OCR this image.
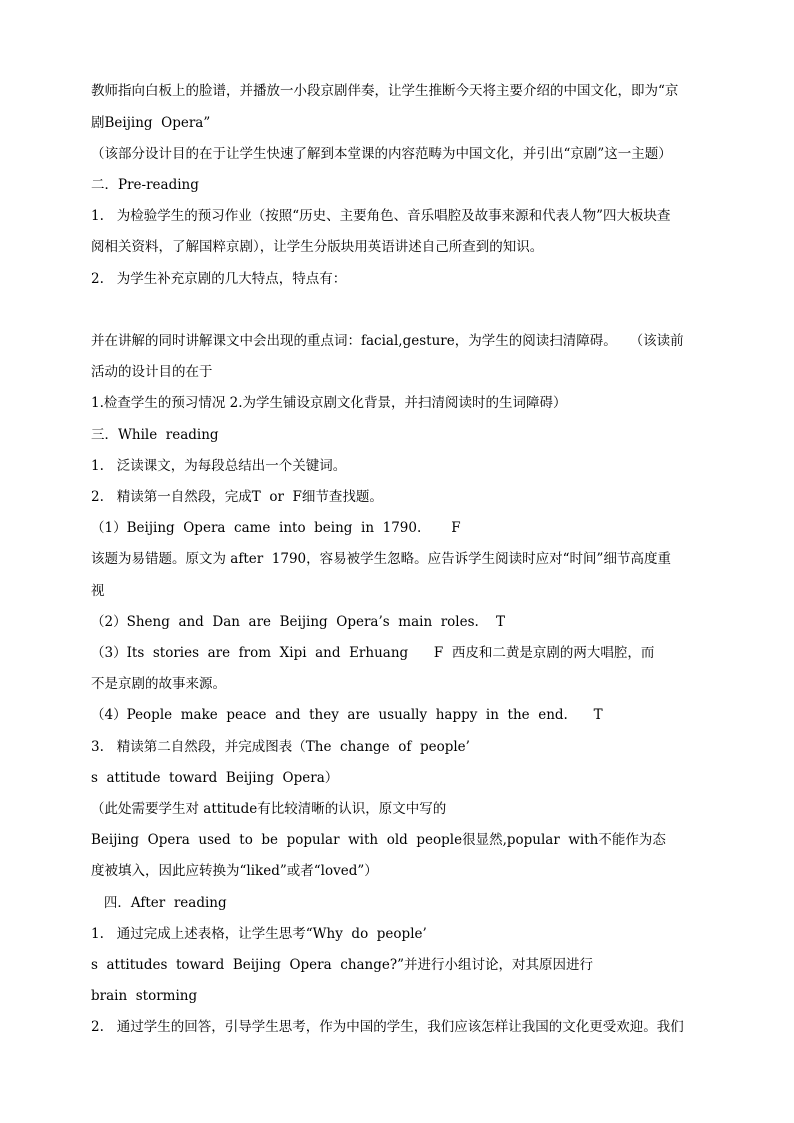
教师指向白板上的脸谱，并播放一小段京剧伴奏，让学生推断今天将主要介绍的中国文化，即为“京
剧Beijing  Opera”
（该部分设计目的在于让学生快速了解到本堂课的内容范畴为中国文化，并引出“京剧”这一主题）
二．Pre-reading
1.   为检验学生的预习作业（按照“历史、主要角色、音乐唱腔及故事来源和代表人物”四大板块查
阅相关资料，了解国粹京剧），让学生分版块用英语讲述自己所查到的知识。
2.   为学生补充京剧的几大特点，特点有：
并在讲解的同时讲解课文中会出现的重点词：facial,gesture，为学生的阅读扫清障碍。   （该读前
活动的设计目的在于
1.检查学生的预习情况 2.为学生铺设京剧文化背景，并扫清阅读时的生词障碍）
三．While  reading
1.   泛读课文，为每段总结出一个关键词。
2.   精读第一自然段，完成T  or  F细节查找题。
（1）Beijing  Opera  came  into  being  in  1790.       F
该题为易错题。原文为 after  1790，容易被学生忽略。应告诉学生阅读时应对“时间”细节高度重
视
（2）Sheng  and  Dan  are  Beijing  Opera’s  main  roles.    T
（3）Its  stories  are  from  Xipi  and  Erhuang      F  西皮和二黄是京剧的两大唱腔，而
不是京剧的故事来源。
（4）People  make  peace  and  they  are  usually  happy  in  the  end.      T
3.   精读第二自然段，并完成图表（The  change  of  people’
s  attitude  toward  Beijing  Opera）
（此处需要学生对 attitude有比较清晰的认识，原文中写的
Beijing  Opera  used  to  be  popular  with  old  people很显然,popular  with不能作为态
度被填入，因此应转换为“liked”或者“loved”）
四．After  reading
1.   通过完成上述表格，让学生思考“Why  do  people’
s  attitudes  toward  Beijing  Opera  change?”并进行小组讨论，对其原因进行
brain  storming
2.   通过学生的回答，引导学生思考，作为中国的学生，我们应该怎样让我国的文化更受欢迎。我们
